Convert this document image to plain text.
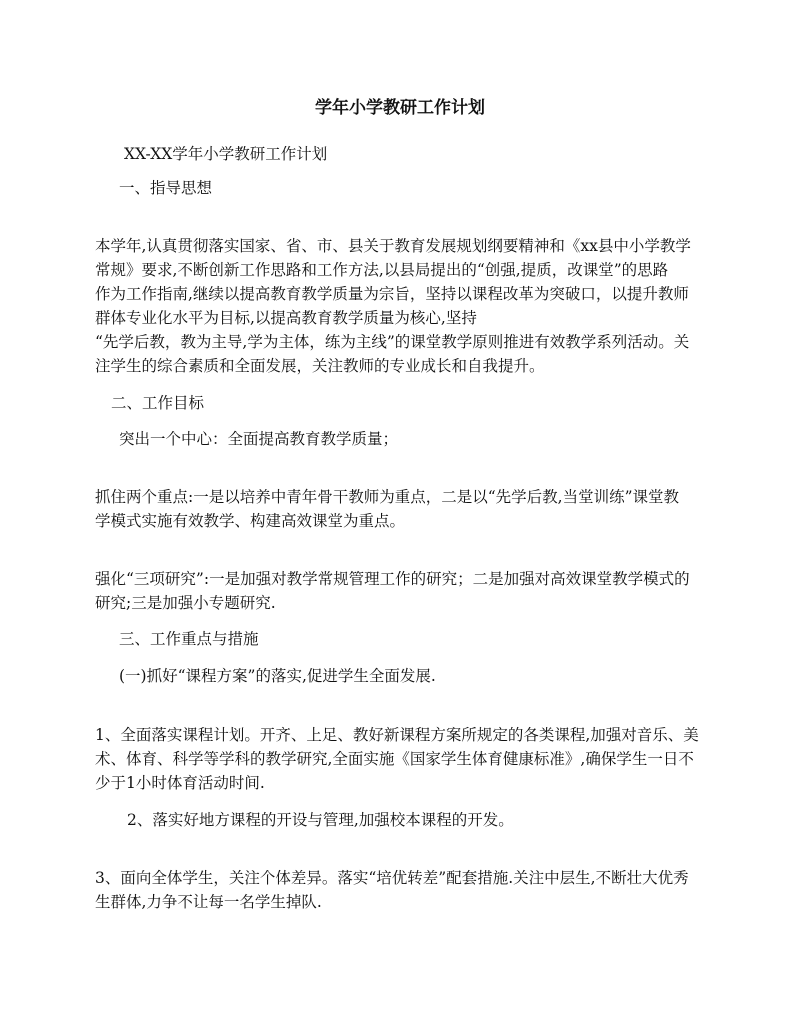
学年小学教研工作计划
XX-XX学年小学教研工作计划
一、指导思想
本学年,认真贯彻落实国家、省、市、县关于教育发展规划纲要精神和《xx县中小学教学
常规》要求,不断创新工作思路和工作方法,以县局提出的“创强,提质，改课堂”的思路
作为工作指南,继续以提高教育教学质量为宗旨，坚持以课程改革为突破口，以提升教师
群体专业化水平为目标,以提高教育教学质量为核心,坚持
“先学后教，教为主导,学为主体，练为主线”的课堂教学原则推进有效教学系列活动。关
注学生的综合素质和全面发展，关注教师的专业成长和自我提升。
二、工作目标
突出一个中心：全面提高教育教学质量；
抓住两个重点:一是以培养中青年骨干教师为重点，二是以“先学后教,当堂训练”课堂教
学模式实施有效教学、构建高效课堂为重点。
强化“三项研究”:一是加强对教学常规管理工作的研究；二是加强对高效课堂教学模式的
研究;三是加强小专题研究.
三、工作重点与措施
(一)抓好“课程方案”的落实,促进学生全面发展.
1、全面落实课程计划。开齐、上足、教好新课程方案所规定的各类课程,加强对音乐、美
术、体育、科学等学科的教学研究,全面实施《国家学生体育健康标准》,确保学生一日不
少于1小时体育活动时间.
2、落实好地方课程的开设与管理,加强校本课程的开发。
3、面向全体学生，关注个体差异。落实“培优转差”配套措施.关注中层生,不断壮大优秀
生群体,力争不让每一名学生掉队.
